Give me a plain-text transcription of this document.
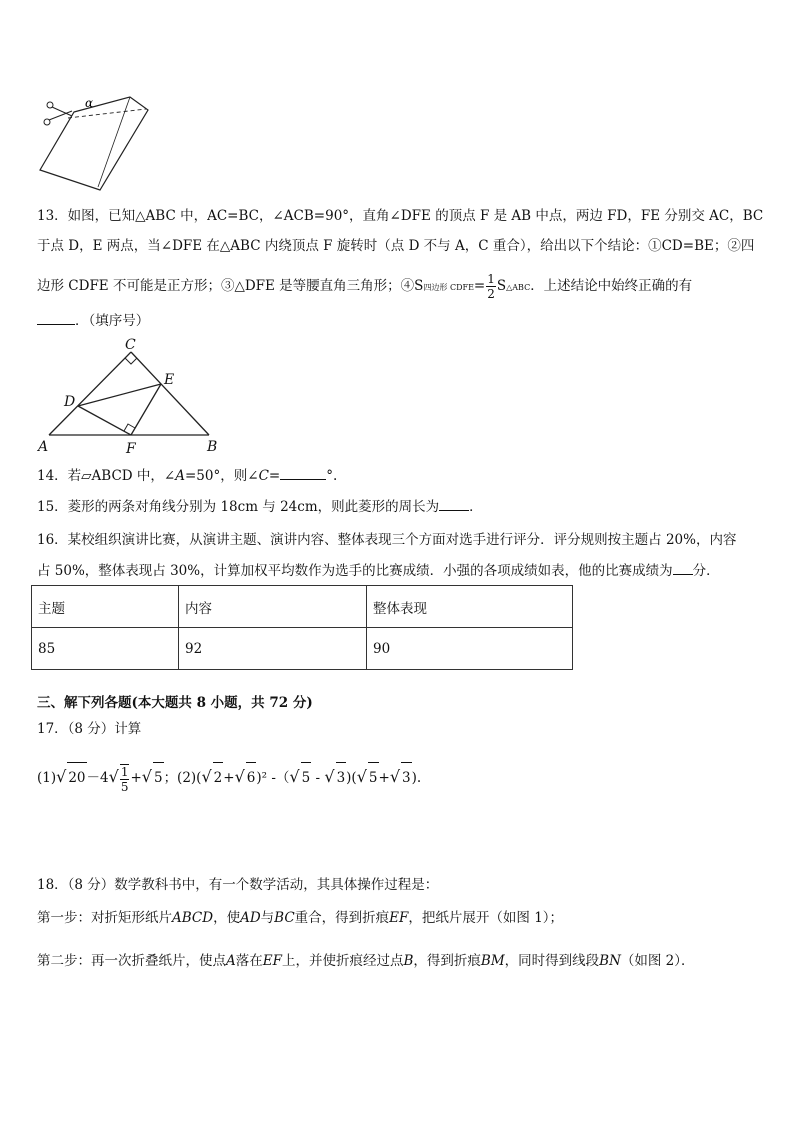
α
13．如图，已知△ABC 中，AC=BC，∠ACB=90°，直角∠DFE 的顶点 F 是 AB 中点，两边 FD，FE 分别交 AC，BC
于点 D，E 两点，当∠DFE 在△ABC 内绕顶点 F 旋转时（点 D 不与 A，C 重合），给出以下个结论：①CD=BE；②四
边形 CDFE 不可能是正方形；③△DFE 是等腰直角三角形；④S四边形 CDFE= $\frac{1}{2}$ S△ABC．上述结论中始终正确的有
．（填序号）
C
E
D
A	F	B
14．若▱ABCD 中，∠A=50°，则∠C=	°.
15．菱形的两条对角线分别为 18cm 与 24cm，则此菱形的周长为 ．
16．某校组织演讲比赛，从演讲主题、演讲内容、整体表现三个方面对选手进行评分．评分规则按主题占 20%，内容
占 50%，整体表现占 30%，计算加权平均数作为选手的比赛成绩．小强的各项成绩如表，他的比赛成绩为 分．
主题	内容	整体表现
85	92	90
三、解下列各题(本大题共 8 小题，共 72 分)
17．（8 分）计算
(1)√ $20-4√ \frac{1}{5}$ +√ 5；(2)(√ 2+√ 6)² -（√ 5 - √ 3)(√ 5+√ 3).
18．（8 分）数学教科书中，有一个数学活动，其具体操作过程是：
第一步：对折矩形纸片ABCD，使AD与BC重合，得到折痕EF，把纸片展开（如图 1）；
第二步：再一次折叠纸片，使点A落在EF上，并使折痕经过点B，得到折痕BM，同时得到线段BN（如图 2）．
